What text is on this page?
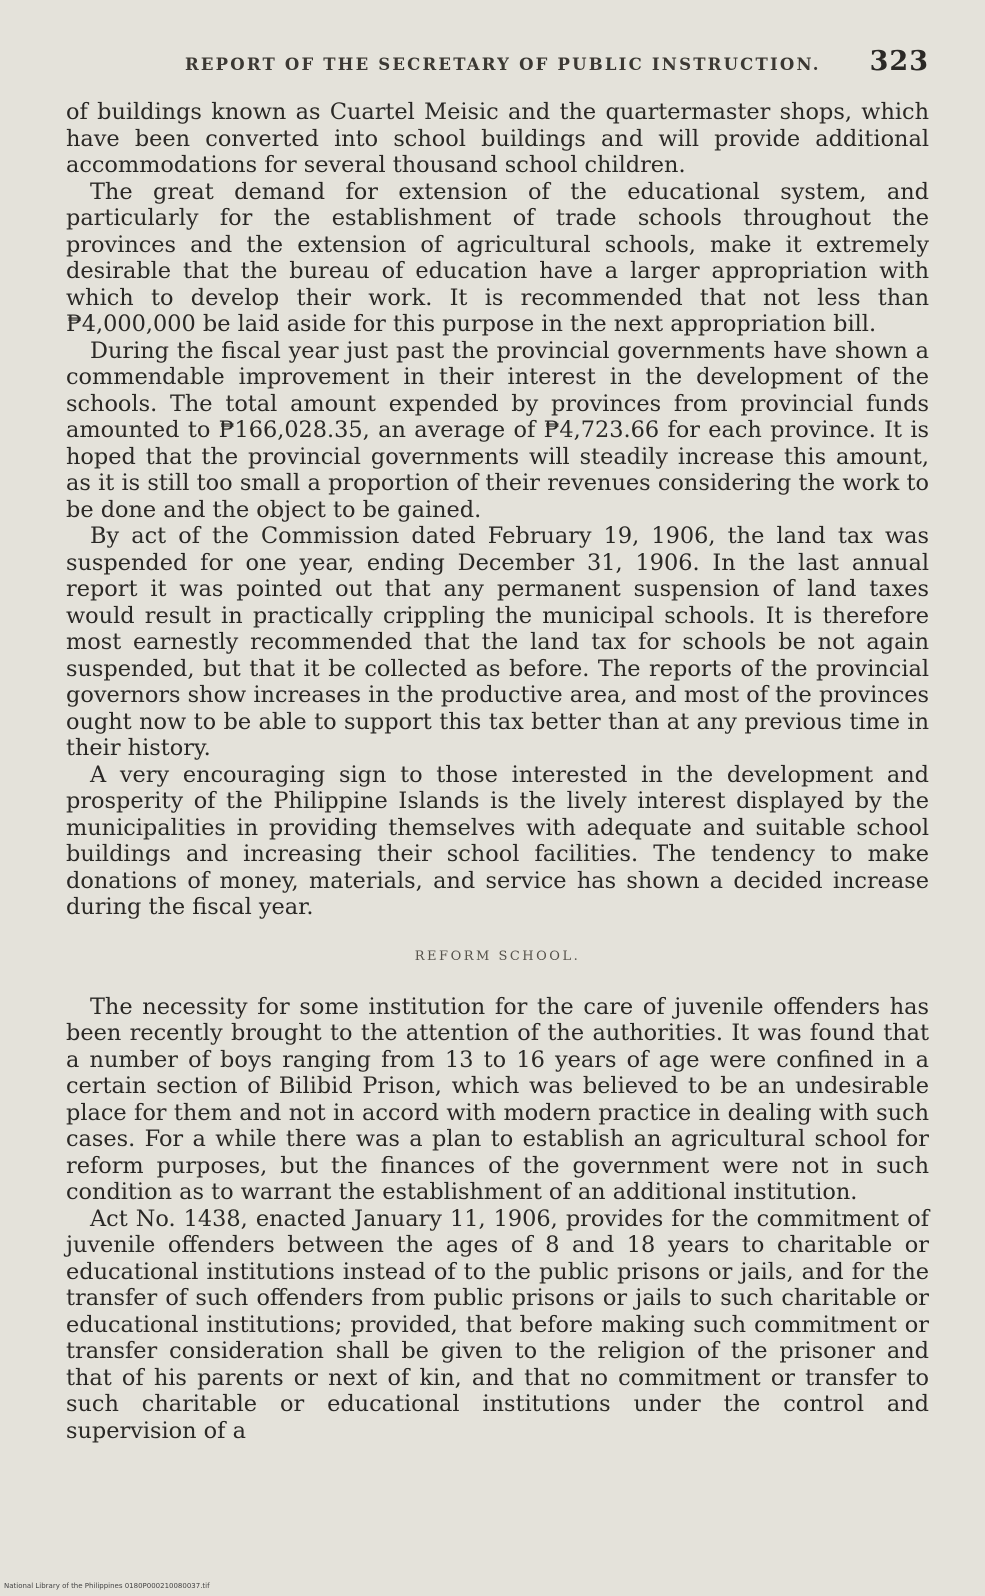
REPORT OF THE SECRETARY OF PUBLIC INSTRUCTION.	323

of buildings known as Cuartel Meisic and the quartermaster shops, which have been converted into school buildings and will provide additional accommodations for several thousand school children.

The great demand for extension of the educational system, and particularly for the establishment of trade schools throughout the provinces and the extension of agricultural schools, make it extremely desirable that the bureau of education have a larger appropriation with which to develop their work. It is recommended that not less than ₱4,000,000 be laid aside for this purpose in the next appropriation bill.

During the fiscal year just past the provincial governments have shown a commendable improvement in their interest in the development of the schools. The total amount expended by provinces from provincial funds amounted to ₱166,028.35, an average of ₱4,723.66 for each province. It is hoped that the provincial governments will steadily increase this amount, as it is still too small a proportion of their revenues considering the work to be done and the object to be gained.

By act of the Commission dated February 19, 1906, the land tax was suspended for one year, ending December 31, 1906. In the last annual report it was pointed out that any permanent suspension of land taxes would result in practically crippling the municipal schools. It is therefore most earnestly recommended that the land tax for schools be not again suspended, but that it be collected as before. The reports of the provincial governors show increases in the productive area, and most of the provinces ought now to be able to support this tax better than at any previous time in their history.

A very encouraging sign to those interested in the development and prosperity of the Philippine Islands is the lively interest displayed by the municipalities in providing themselves with adequate and suitable school buildings and increasing their school facilities. The tendency to make donations of money, materials, and service has shown a decided increase during the fiscal year.

REFORM SCHOOL.

The necessity for some institution for the care of juvenile offenders has been recently brought to the attention of the authorities. It was found that a number of boys ranging from 13 to 16 years of age were confined in a certain section of Bilibid Prison, which was believed to be an undesirable place for them and not in accord with modern practice in dealing with such cases. For a while there was a plan to establish an agricultural school for reform purposes, but the finances of the government were not in such condition as to warrant the establishment of an additional institution.

Act No. 1438, enacted January 11, 1906, provides for the commitment of juvenile offenders between the ages of 8 and 18 years to charitable or educational institutions instead of to the public prisons or jails, and for the transfer of such offenders from public prisons or jails to such charitable or educational institutions; provided, that before making such commitment or transfer consideration shall be given to the religion of the prisoner and that of his parents or next of kin, and that no commitment or transfer to such charitable or educational institutions under the control and supervision of a

National Library of the Philippines 0180P000210080037.tif
